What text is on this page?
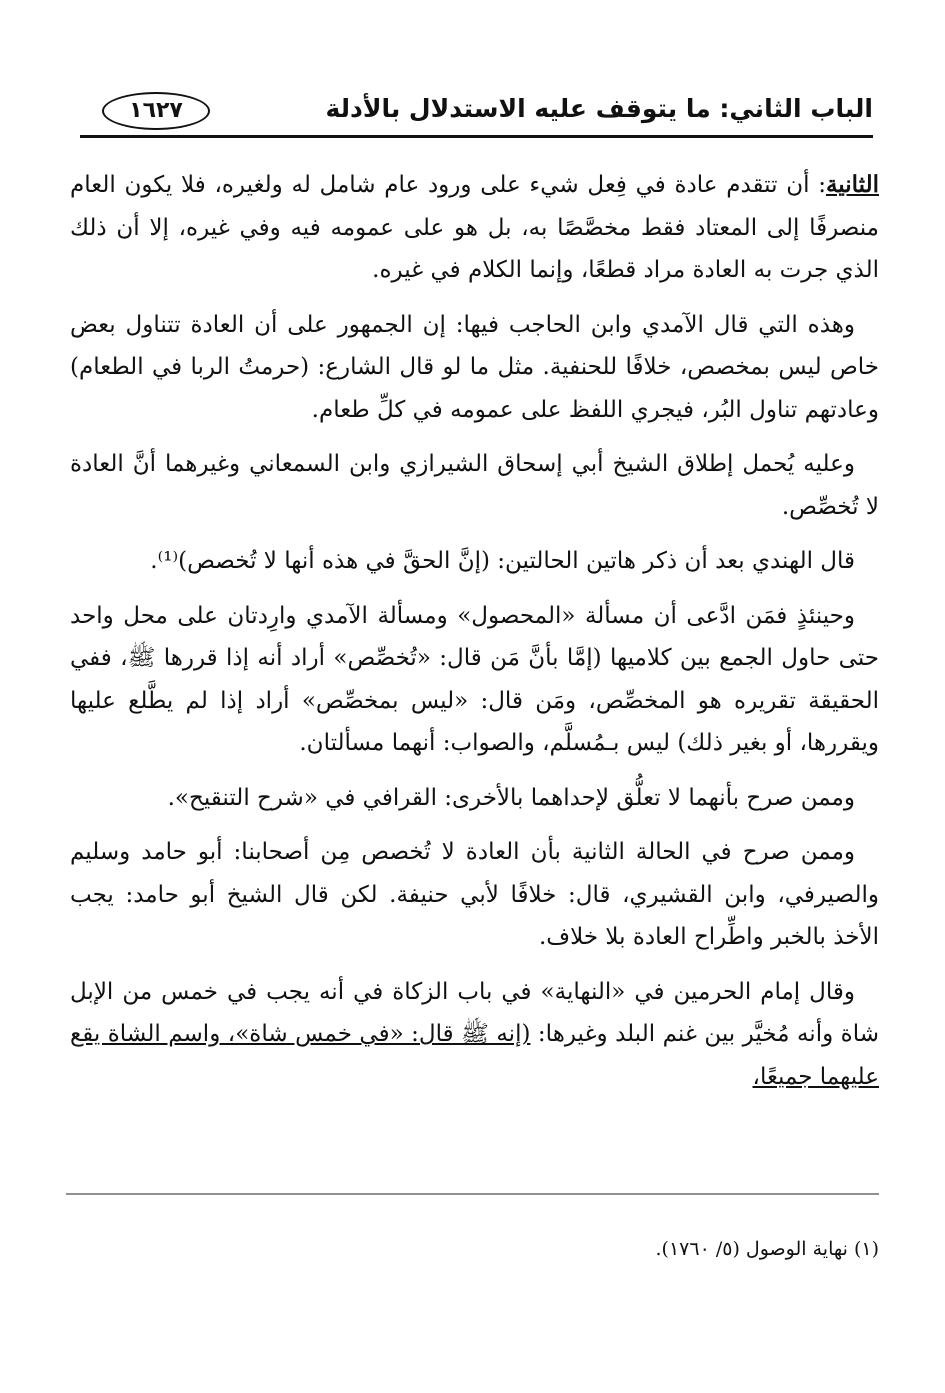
الباب الثاني: ما يتوقف عليه الاستدلال بالأدلة
١٦٢٧

الثانية: أن تتقدم عادة في فِعل شيء على ورود عام شامل له ولغيره، فلا يكون العام منصرفًا إلى المعتاد فقط مخصَّصًا به، بل هو على عمومه فيه وفي غيره، إلا أن ذلك الذي جرت به العادة مراد قطعًا، وإنما الكلام في غيره.

وهذه التي قال الآمدي وابن الحاجب فيها: إن الجمهور على أن العادة تتناول بعض خاص ليس بمخصص، خلافًا للحنفية. مثل ما لو قال الشارع: (حرمتُ الربا في الطعام) وعادتهم تناول البُر، فيجري اللفظ على عمومه في كلِّ طعام.

وعليه يُحمل إطلاق الشيخ أبي إسحاق الشيرازي وابن السمعاني وغيرهما أنَّ العادة لا تُخصِّص.

قال الهندي بعد أن ذكر هاتين الحالتين: (إنَّ الحقَّ في هذه أنها لا تُخصص)⁽¹⁾.

وحينئذٍ فمَن ادَّعى أن مسألة «المحصول» ومسألة الآمدي وارِدتان على محل واحد حتى حاول الجمع بين كلاميها (إمَّا بأنَّ مَن قال: «تُخصِّص» أراد أنه إذا قررها ﷺ، ففي الحقيقة تقريره هو المخصِّص، ومَن قال: «ليس بمخصِّص» أراد إذا لم يطَّلع عليها ويقررها، أو بغير ذلك) ليس بـمُسلَّم، والصواب: أنهما مسألتان.

وممن صرح بأنهما لا تعلُّق لإحداهما بالأخرى: القرافي في «شرح التنقيح».

وممن صرح في الحالة الثانية بأن العادة لا تُخصص مِن أصحابنا: أبو حامد وسليم والصيرفي، وابن القشيري، قال: خلافًا لأبي حنيفة. لكن قال الشيخ أبو حامد: يجب الأخذ بالخبر واطِّراح العادة بلا خلاف.

وقال إمام الحرمين في «النهاية» في باب الزكاة في أنه يجب في خمس من الإبل شاة وأنه مُخيَّر بين غنم البلد وغيرها: (إنه ﷺ قال: «في خمس شاة»، واسم الشاة يقع عليهما جميعًا،

(١) نهاية الوصول (٥/ ١٧٦٠).
